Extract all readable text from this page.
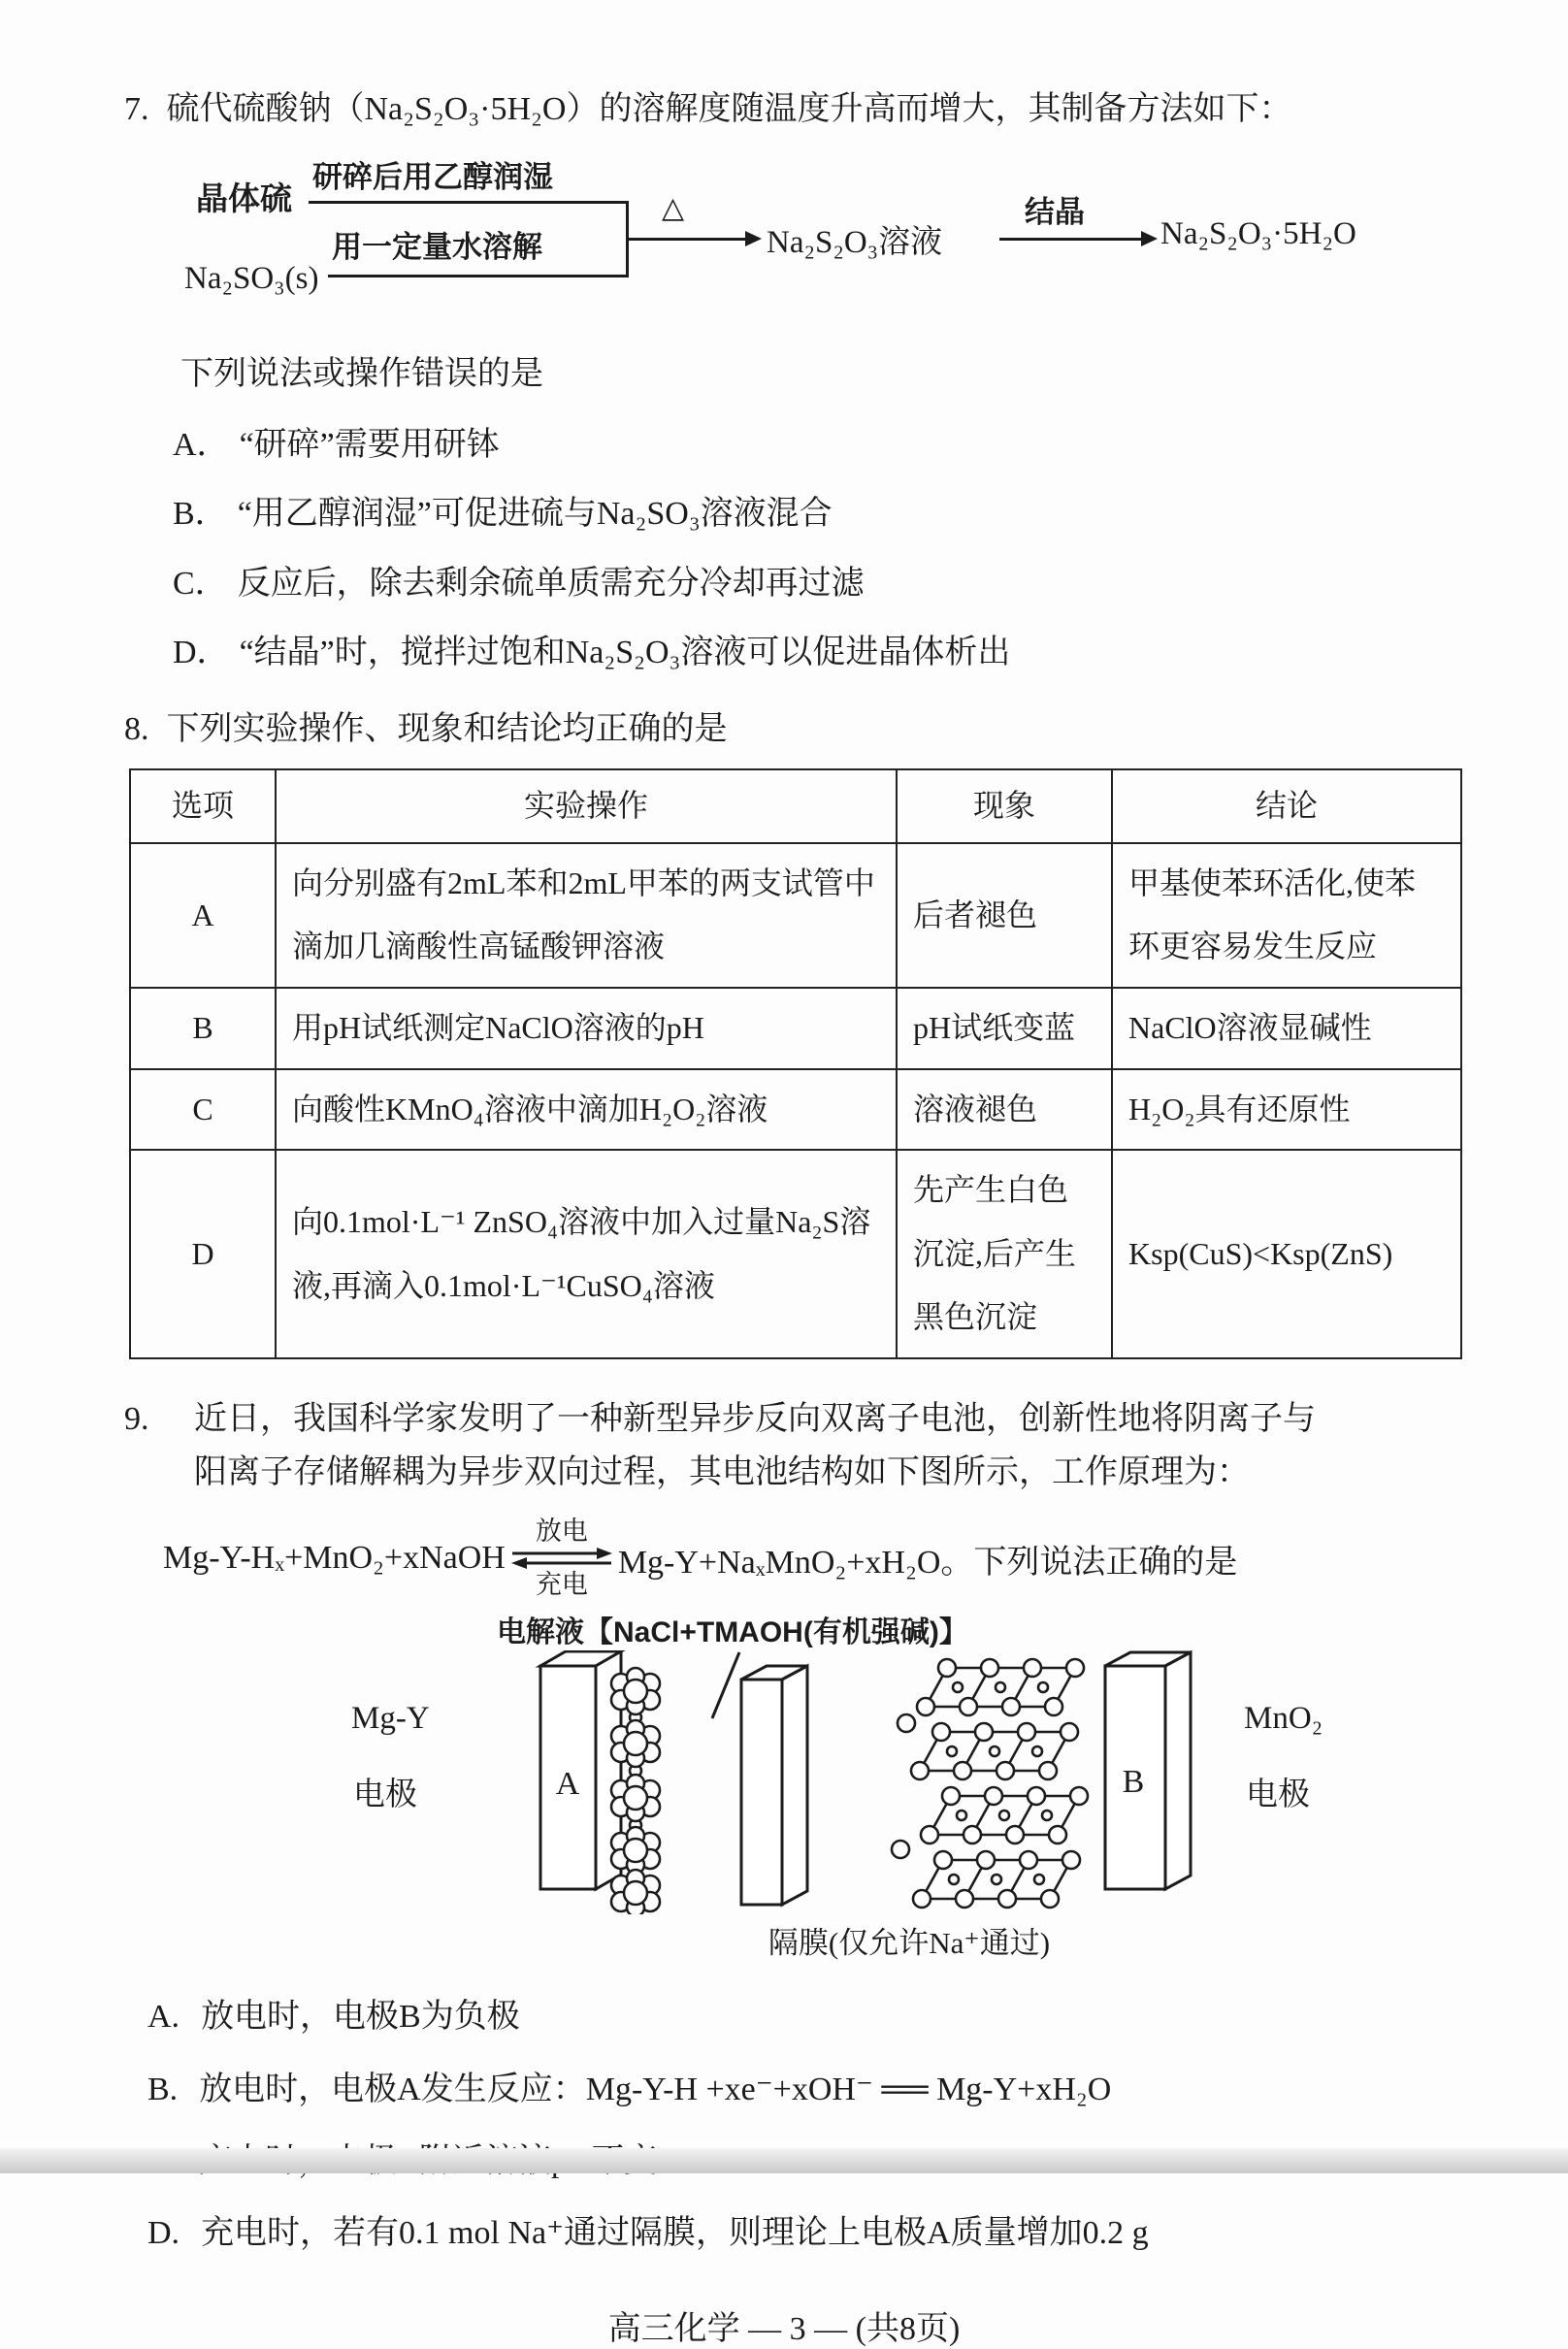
7. 硫代硫酸钠（Na₂S₂O₃·5H₂O）的溶解度随温度升高而增大，其制备方法如下：

晶体硫
研碎后用乙醇润湿
用一定量水溶解
Na₂SO₃(s)
△
Na₂S₂O₃溶液
结晶
Na₂S₂O₃·5H₂O

下列说法或操作错误的是

A． “研碎”需要用研钵
B． “用乙醇润湿”可促进硫与Na₂SO₃溶液混合
C． 反应后，除去剩余硫单质需充分冷却再过滤
D． “结晶”时，搅拌过饱和Na₂S₂O₃溶液可以促进晶体析出

8. 下列实验操作、现象和结论均正确的是

选项	实验操作	现象	结论
A	向分别盛有2mL苯和2mL甲苯的两支试管中滴加几滴酸性高锰酸钾溶液	后者褪色	甲基使苯环活化,使苯环更容易发生反应
B	用pH试纸测定NaClO溶液的pH	pH试纸变蓝	NaClO溶液显碱性
C	向酸性KMnO₄溶液中滴加H₂O₂溶液	溶液褪色	H₂O₂具有还原性
D	向0.1mol·L⁻¹ ZnSO₄溶液中加入过量Na₂S溶液,再滴入0.1mol·L⁻¹CuSO₄溶液	先产生白色沉淀,后产生黑色沉淀	Ksp(CuS)<Ksp(ZnS)
9. 近日，我国科学家发明了一种新型异步反向双离子电池，创新性地将阴离子与
阳离子存储解耦为异步双向过程，其电池结构如下图所示，工作原理为：
Mg-Y-Hₓ+MnO₂+xNaOH
放电
充电
Mg-Y+NaₓMnO₂+xH₂O。下列说法正确的是
电解液【NaCl+TMAOH(有机强碱)】
A	B
Mg-Y
电极
MnO₂
电极
隔膜(仅允许Na⁺通过)
A. 放电时，电极B为负极
B. 放电时，电极A发生反应：Mg-Y-H +xe⁻+xOH⁻ ══ Mg-Y+xH₂O
D. 充电时，若有0.1 mol Na⁺通过隔膜，则理论上电极A质量增加0.2 g
高三化学 — 3 — (共8页)
